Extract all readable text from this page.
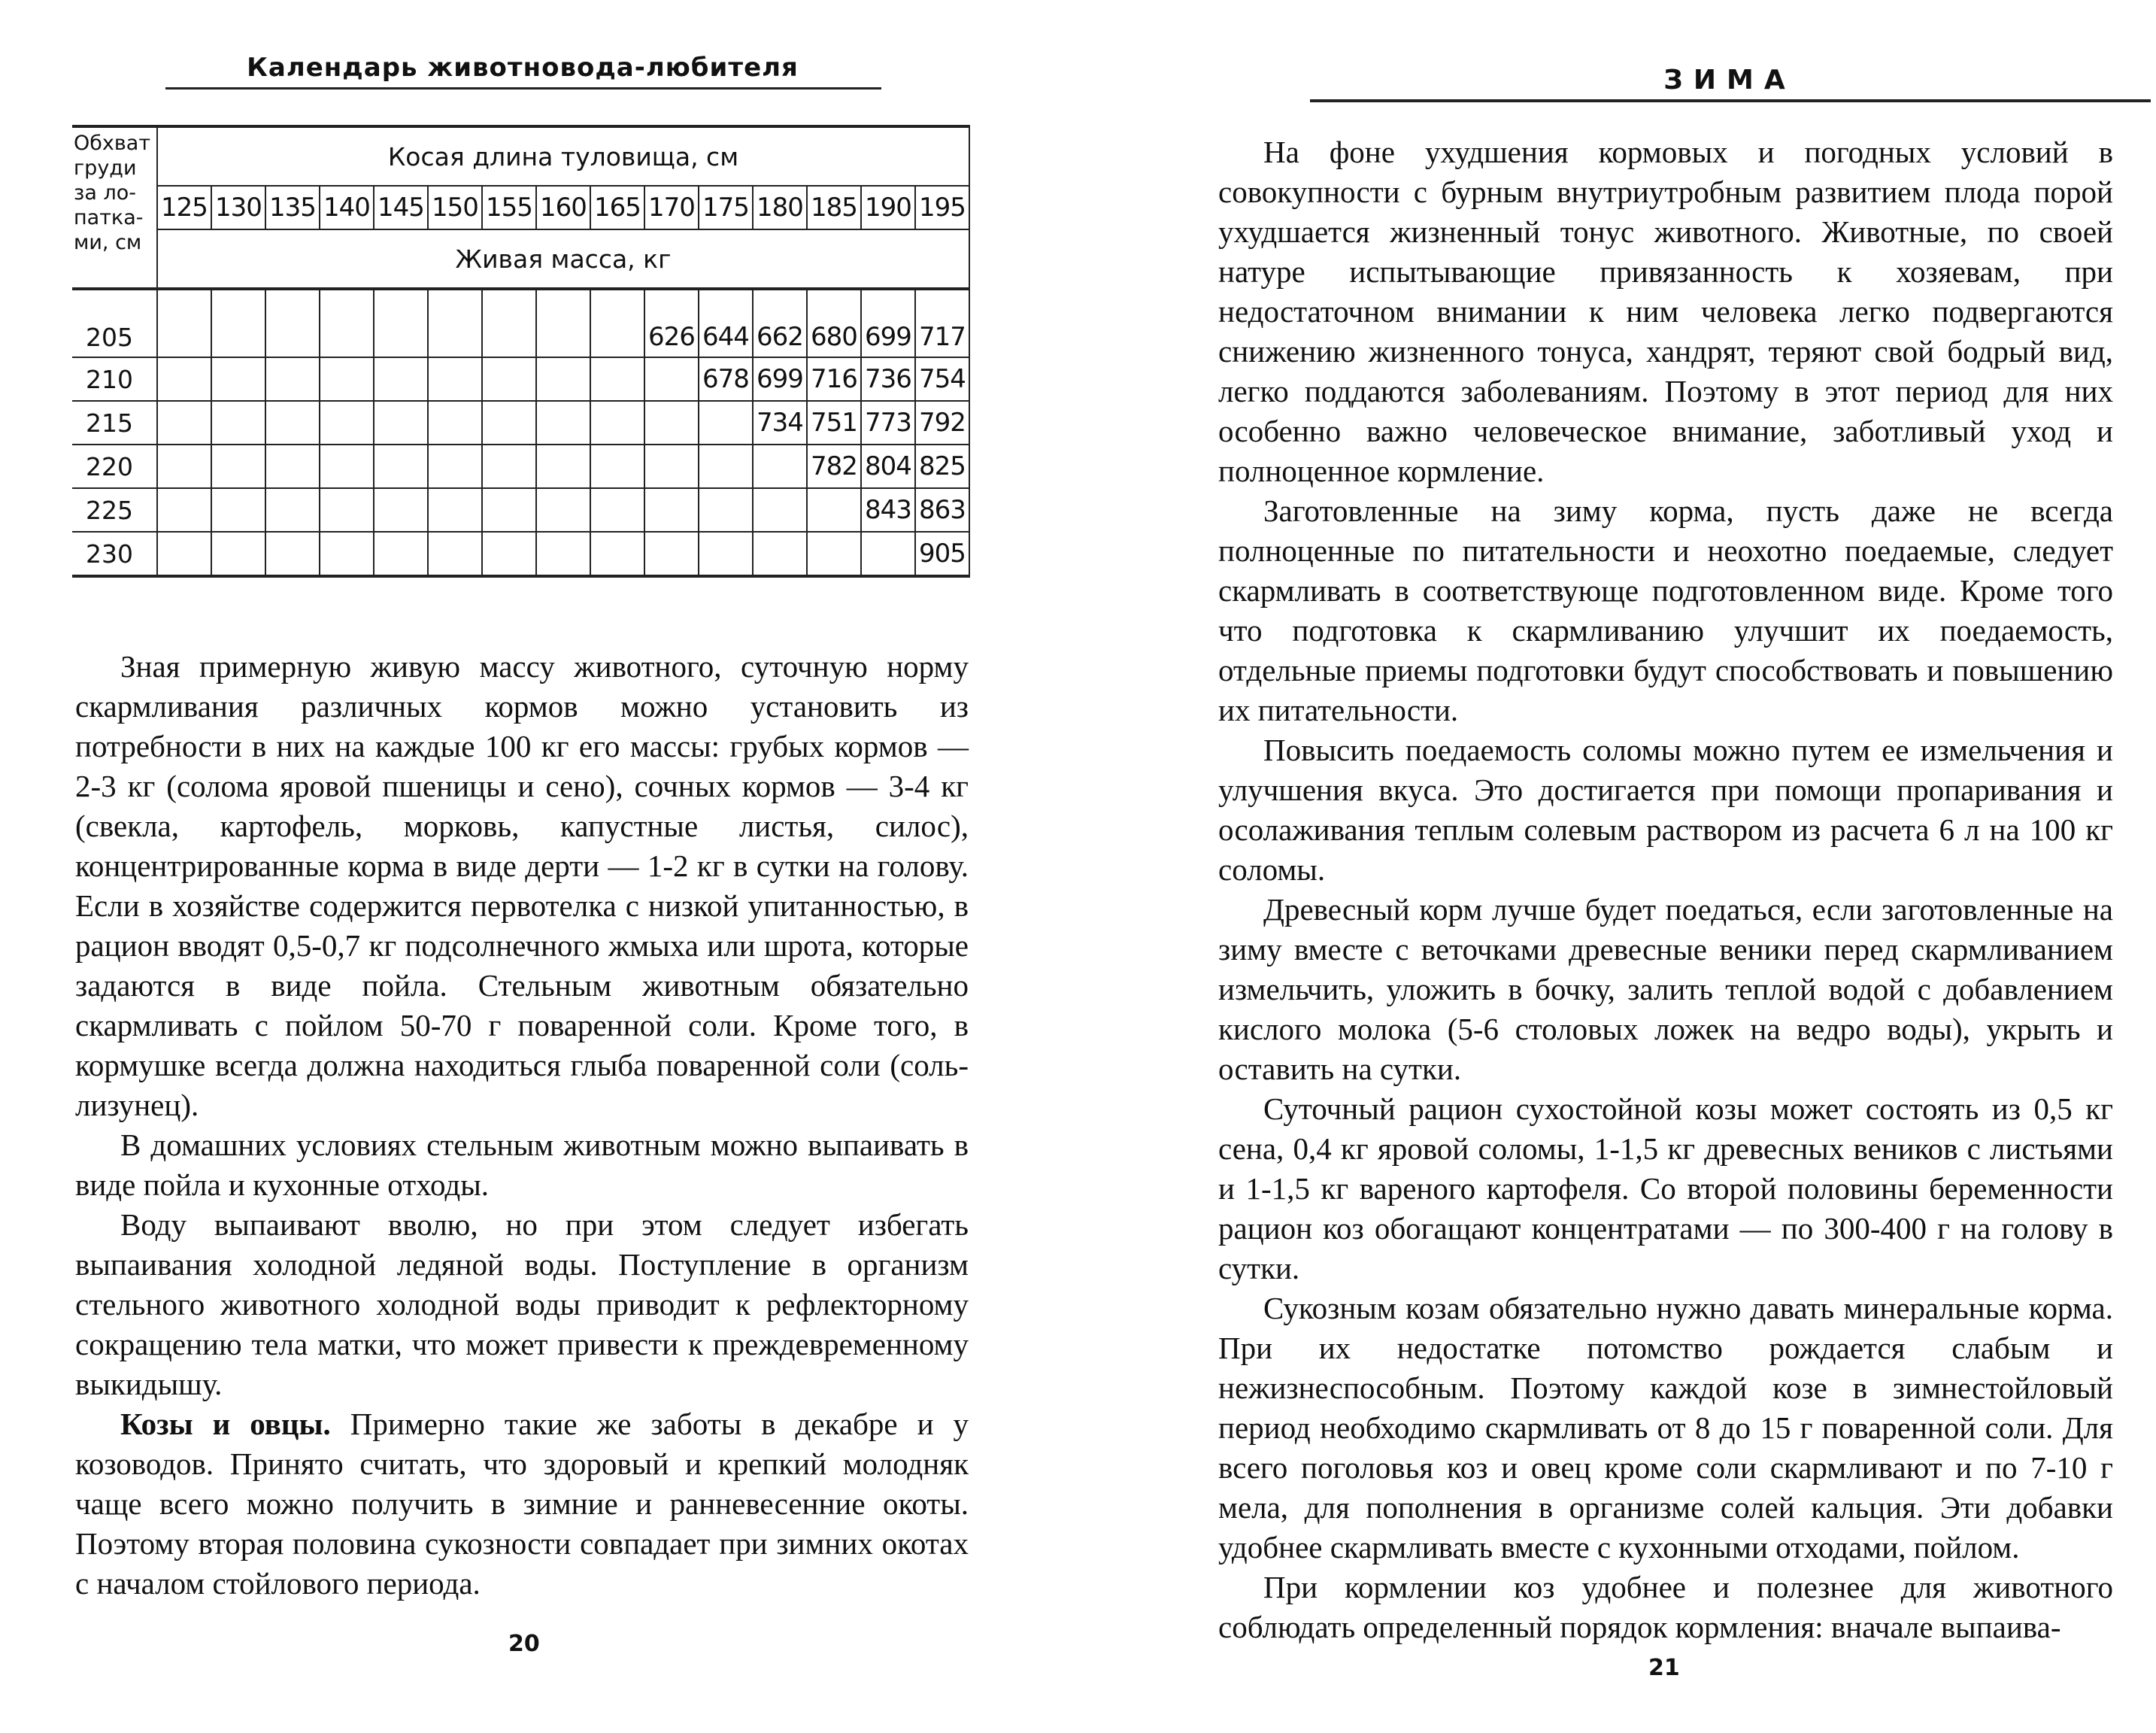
Календарь животновода-любителя
Обхват
груди
за ло-
патка-
ми, см	Косая длина туловища, см														
	125	130	135	140	145	150	155	160	165	170	175	180	185	190	195
	Живая масса, кг														
205										626	644	662	680	699	717
210											678	699	716	736	754
215												734	751	773	792
220													782	804	825
225														843	863
230															905

Зная примерную живую массу животного, суточную норму скармливания различных кормов можно установить из потребности в них на каждые 100 кг его массы: грубых кормов — 2-3 кг (солома яровой пшеницы и сено), сочных кормов — 3-4 кг (свекла, картофель, морковь, капустные листья, силос), концентрированные корма в виде дерти — 1-2 кг в сутки на голову. Если в хозяйстве содержится первотелка с низкой упитанностью, в рацион вводят 0,5-0,7 кг подсолнечного жмыха или шрота, которые задаются в виде пойла. Стельным животным обязательно скармливать с пойлом 50-70 г поваренной соли. Кроме того, в кормушке всегда должна находиться глыба поваренной соли (соль-лизунец).

В домашних условиях стельным животным можно выпаивать в виде пойла и кухонные отходы.

Воду выпаивают вволю, но при этом следует избегать выпаивания холодной ледяной воды. Поступление в организм стельного животного холодной воды приводит к рефлекторному сокращению тела матки, что может привести к преждевременному выкидышу.

Козы и овцы. Примерно такие же заботы в декабре и у козоводов. Принято считать, что здоровый и крепкий молодняк чаще всего можно получить в зимние и ранневесенние окоты. Поэтому вторая половина сукозности совпадает при зимних окотах с началом стойлового периода.

20
ЗИМА

На фоне ухудшения кормовых и погодных условий в совокупности с бурным внутриутробным развитием плода порой ухудшается жизненный тонус животного. Животные, по своей натуре испытывающие привязанность к хозяевам, при недостаточном внимании к ним человека легко подвергаются снижению жизненного тонуса, хандрят, теряют свой бодрый вид, легко поддаются заболеваниям. Поэтому в этот период для них особенно важно человеческое внимание, заботливый уход и полноценное кормление.

Заготовленные на зиму корма, пусть даже не всегда полноценные по питательности и неохотно поедаемые, следует скармливать в соответствующе подготовленном виде. Кроме того что подготовка к скармливанию улучшит их поедаемость, отдельные приемы подготовки будут способствовать и повышению их питательности.

Повысить поедаемость соломы можно путем ее измельчения и улучшения вкуса. Это достигается при помощи пропаривания и осолаживания теплым солевым раствором из расчета 6 л на 100 кг соломы.

Древесный корм лучше будет поедаться, если заготовленные на зиму вместе с веточками древесные веники перед скармливанием измельчить, уложить в бочку, залить теплой водой с добавлением кислого молока (5-6 столовых ложек на ведро воды), укрыть и оставить на сутки.

Суточный рацион сухостойной козы может состоять из 0,5 кг сена, 0,4 кг яровой соломы, 1-1,5 кг древесных веников с листьями и 1-1,5 кг вареного картофеля. Со второй половины беременности рацион коз обогащают концентратами — по 300-400 г на голову в сутки.

Сукозным козам обязательно нужно давать минеральные корма. При их недостатке потомство рождается слабым и нежизнеспособным. Поэтому каждой козе в зимнестойловый период необходимо скармливать от 8 до 15 г поваренной соли. Для всего поголовья коз и овец кроме соли скармливают и по 7-10 г мела, для пополнения в организме солей кальция. Эти добавки удобнее скармливать вместе с кухонными отходами, пойлом.

При кормлении коз удобнее и полезнее для животного соблюдать определенный порядок кормления: вначале выпаива-

21
